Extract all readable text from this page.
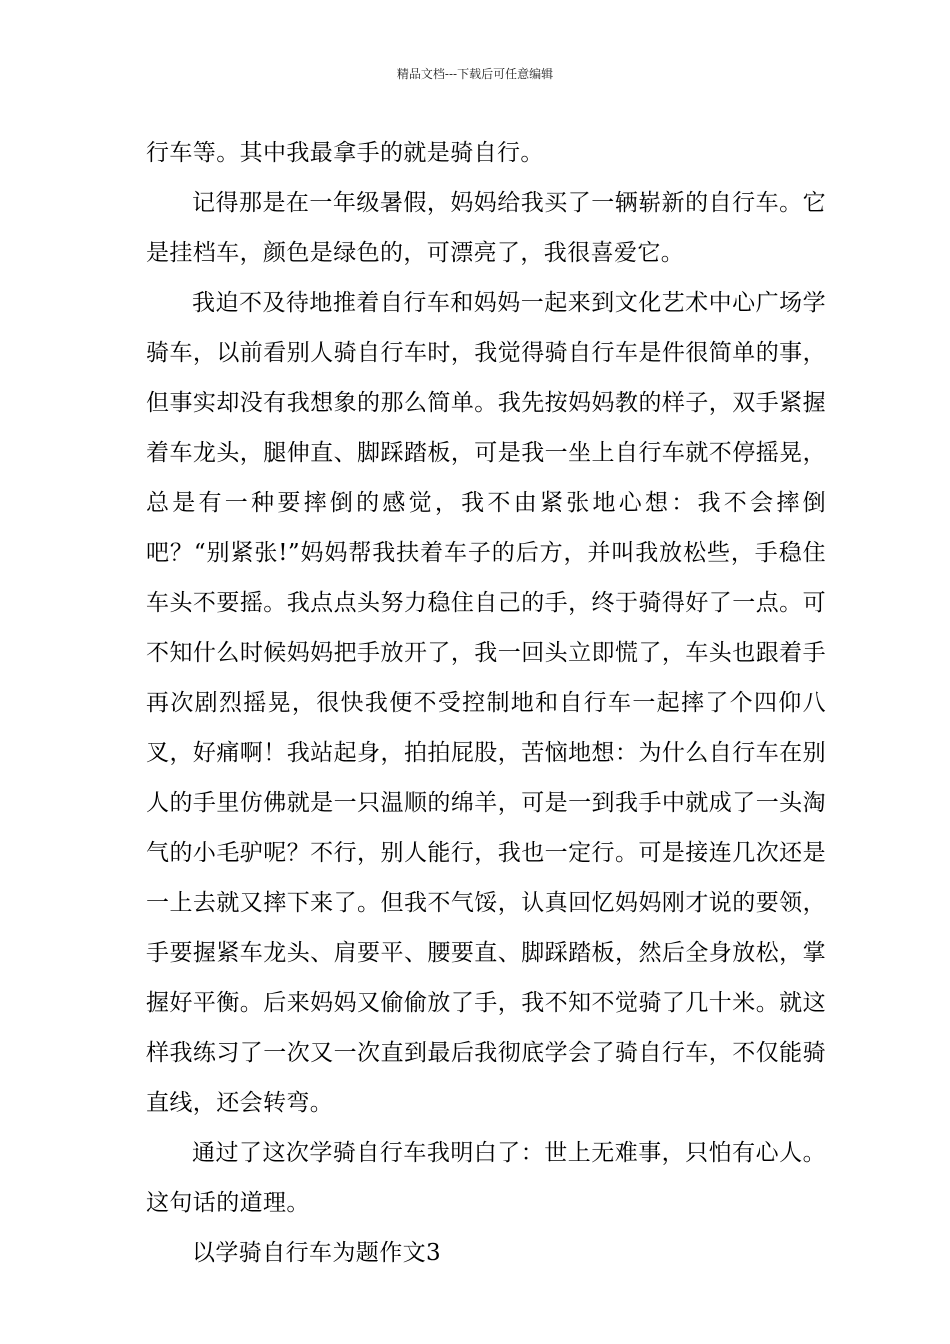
精品文档---下载后可任意编辑

行车等。其中我最拿手的就是骑自行。

记得那是在一年级暑假，妈妈给我买了一辆崭新的自行车。它是挂档车，颜色是绿色的，可漂亮了，我很喜爱它。

我迫不及待地推着自行车和妈妈一起来到文化艺术中心广场学骑车，以前看别人骑自行车时，我觉得骑自行车是件很简单的事，但事实却没有我想象的那么简单。我先按妈妈教的样子，双手紧握着车龙头，腿伸直、脚踩踏板，可是我一坐上自行车就不停摇晃，总是有一种要摔倒的感觉，我不由紧张地心想：我不会摔倒吧？“别紧张!”妈妈帮我扶着车子的后方，并叫我放松些，手稳住车头不要摇。我点点头努力稳住自己的手，终于骑得好了一点。可不知什么时候妈妈把手放开了，我一回头立即慌了，车头也跟着手再次剧烈摇晃，很快我便不受控制地和自行车一起摔了个四仰八叉，好痛啊！我站起身，拍拍屁股，苦恼地想：为什么自行车在别人的手里仿佛就是一只温顺的绵羊，可是一到我手中就成了一头淘气的小毛驴呢？不行，别人能行，我也一定行。可是接连几次还是一上去就又摔下来了。但我不气馁，认真回忆妈妈刚才说的要领，手要握紧车龙头、肩要平、腰要直、脚踩踏板，然后全身放松，掌握好平衡。后来妈妈又偷偷放了手，我不知不觉骑了几十米。就这样我练习了一次又一次直到最后我彻底学会了骑自行车，不仅能骑直线，还会转弯。

通过了这次学骑自行车我明白了：世上无难事，只怕有心人。这句话的道理。

以学骑自行车为题作文3
